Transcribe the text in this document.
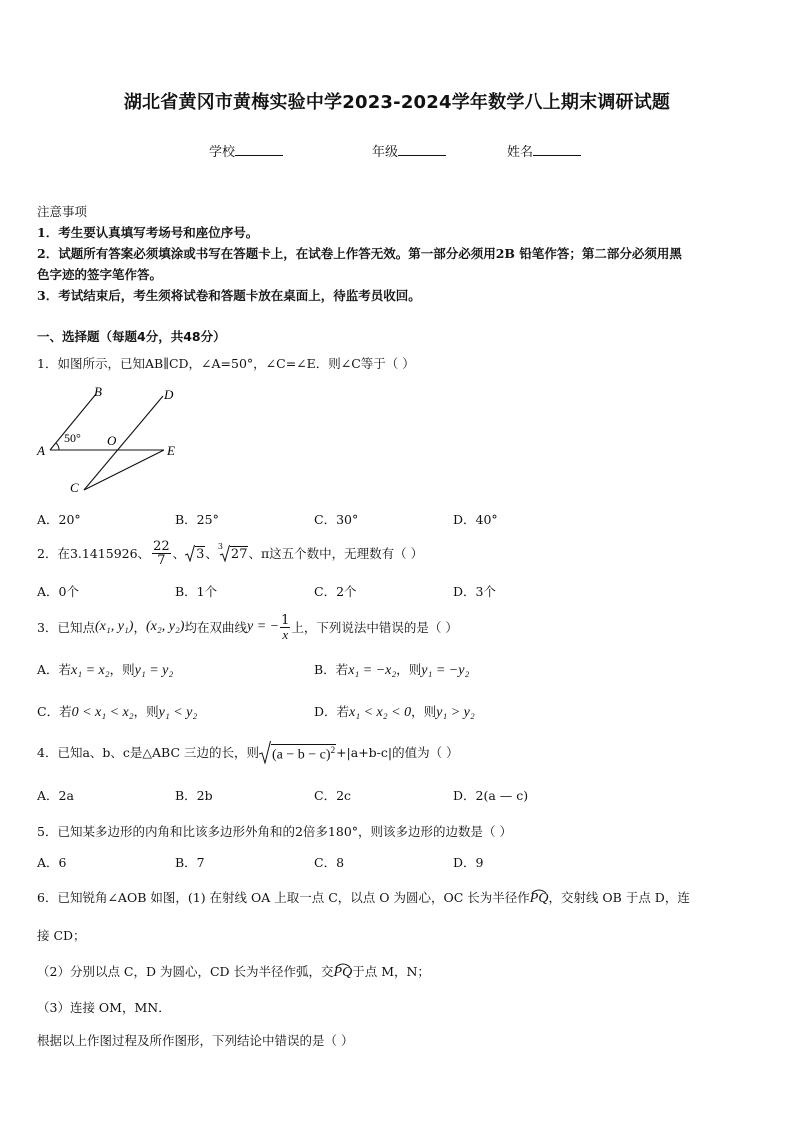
湖北省黄冈市黄梅实验中学2023-2024学年数学八上期末调研试题
学校	年级	姓名
注意事项
1．考生要认真填写考场号和座位序号。
2．试题所有答案必须填涂或书写在答题卡上，在试卷上作答无效。第一部分必须用2B 铅笔作答；第二部分必须用黑
色字迹的签字笔作答。
3．考试结束后，考生须将试卷和答题卡放在桌面上，待监考员收回。
一、选择题（每题4分，共48分）
1．如图所示，已知AB∥CD，∠A=50°，∠C=∠E．则∠C等于（ ）
B	D
A
O
E
C
50°
A．20°	B．25°	C．30°	D．40°
2．在3.1415926、 $\frac{22}{7}$ 、 3 、 3
27 、π这五个数中，无理数有（ ）
A．0个	B．1个	C．2个	D．3个
3．已知点 (x₁, y₁) ， (x₂, y₂) 均在双曲线 y = − $\frac{1}{x}$ 上，下列说法中错误的是（ ）
A．若x₁ = x₂，则y₁ = y₂	B．若x₁ = −x₂，则y₁ = −y₂
C．若0 < x₁ < x₂，则y₁ < y₂	D．若x₁ < x₂ < 0，则y₁ > y₂
4．已知a、b、c是△ABC 三边的长，则 $(a - b - c)^2 +|a+b-c|$的值为（ ）
A．2a	B．2b	C．2c	D．2(a — c)
5．已知某多边形的内角和比该多边形外角和的2倍多180°，则该多边形的边数是（ ）
A．6	B．7	C．8	D．9
6．已知锐角∠AOB 如图，(1) 在射线 OA 上取一点 C，以点 O 为圆心，OC 长为半径作
PQ，交射线 OB 于点 D，连
接 CD；
（2）分别以点 C，D 为圆心，CD 长为半径作弧，交
PQ于点 M，N；
（3）连接 OM，MN．
根据以上作图过程及所作图形，下列结论中错误的是（ ）
